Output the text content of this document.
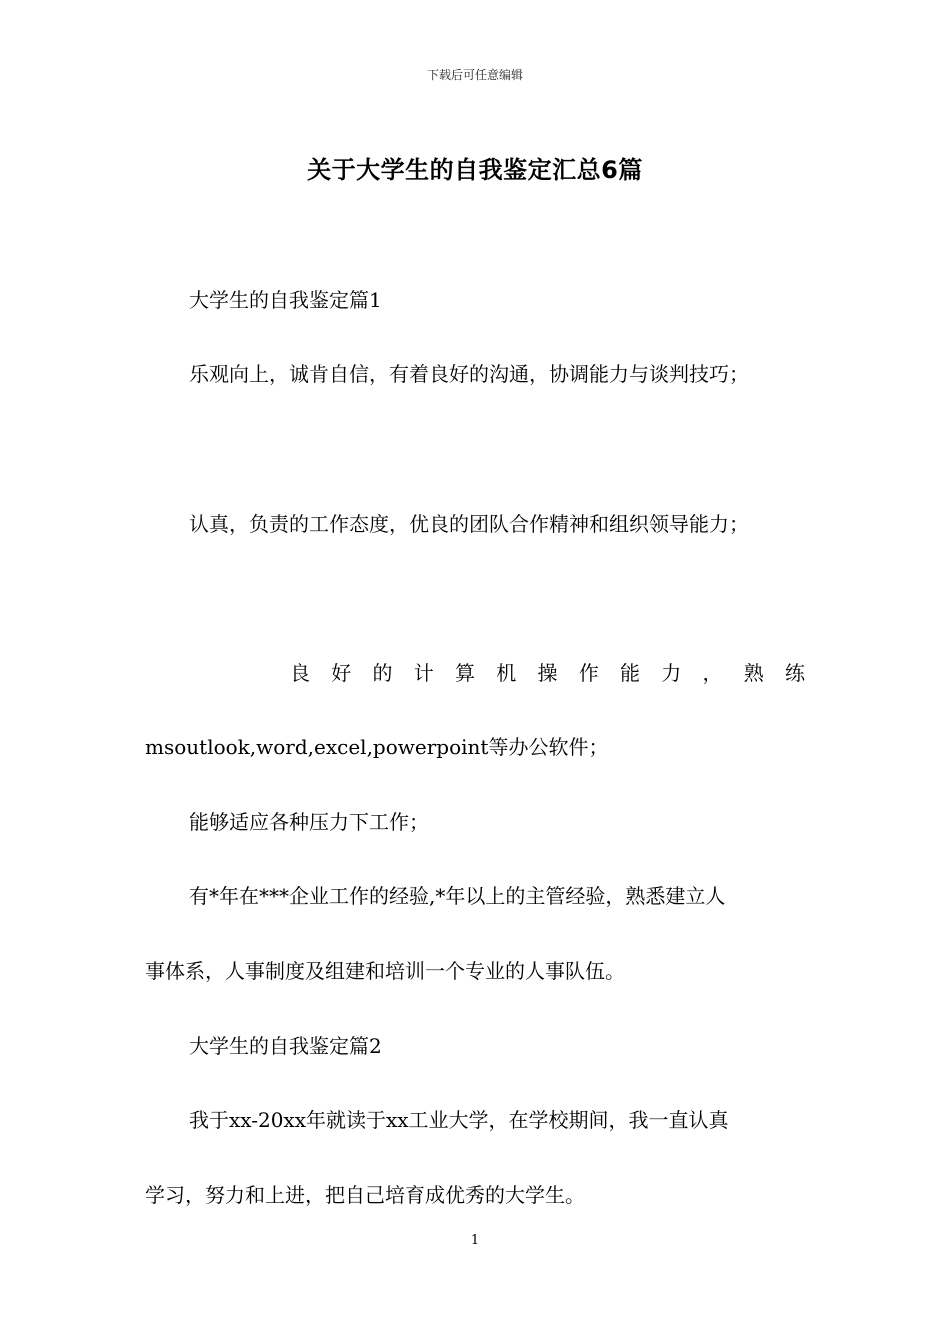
下载后可任意编辑
关于大学生的自我鉴定汇总6篇
大学生的自我鉴定篇1
乐观向上，诚肯自信，有着良好的沟通，协调能力与谈判技巧；
认真，负责的工作态度，优良的团队合作精神和组织领导能力；
良 好 的 计 算 机 操 作 能 力 ， 熟 练
msoutlook,word,excel,powerpoint等办公软件；
能够适应各种压力下工作；
有*年在***企业工作的经验,*年以上的主管经验，熟悉建立人
事体系，人事制度及组建和培训一个专业的人事队伍。
大学生的自我鉴定篇2
我于xx-20xx年就读于xx工业大学，在学校期间，我一直认真
学习，努力和上进，把自己培育成优秀的大学生。
1
